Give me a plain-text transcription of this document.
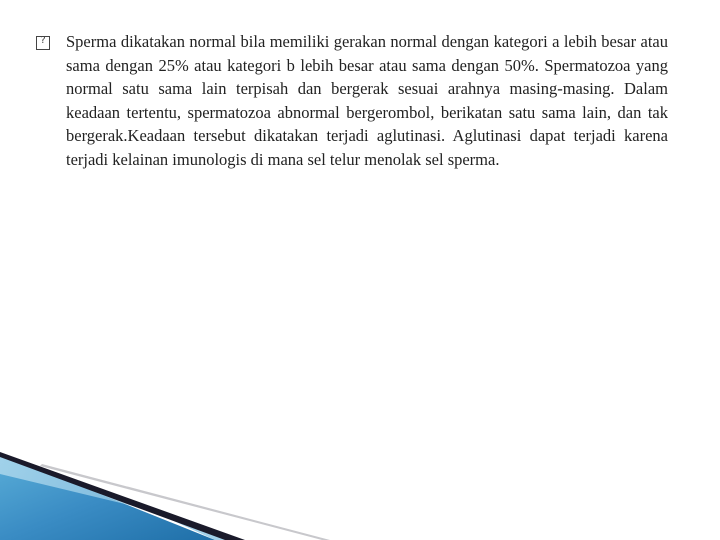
?
Sperma dikatakan normal bila memiliki gerakan normal dengan kategori a lebih besar atau sama dengan 25% atau kategori b lebih besar atau sama dengan 50%. Spermatozoa yang normal satu sama lain terpisah dan bergerak sesuai arahnya masing-masing. Dalam keadaan tertentu, spermatozoa abnormal bergerombol, berikatan satu sama lain, dan tak bergerak.Keadaan tersebut dikatakan terjadi aglutinasi. Aglutinasi dapat terjadi karena terjadi kelainan imunologis di mana sel telur menolak sel sperma.
